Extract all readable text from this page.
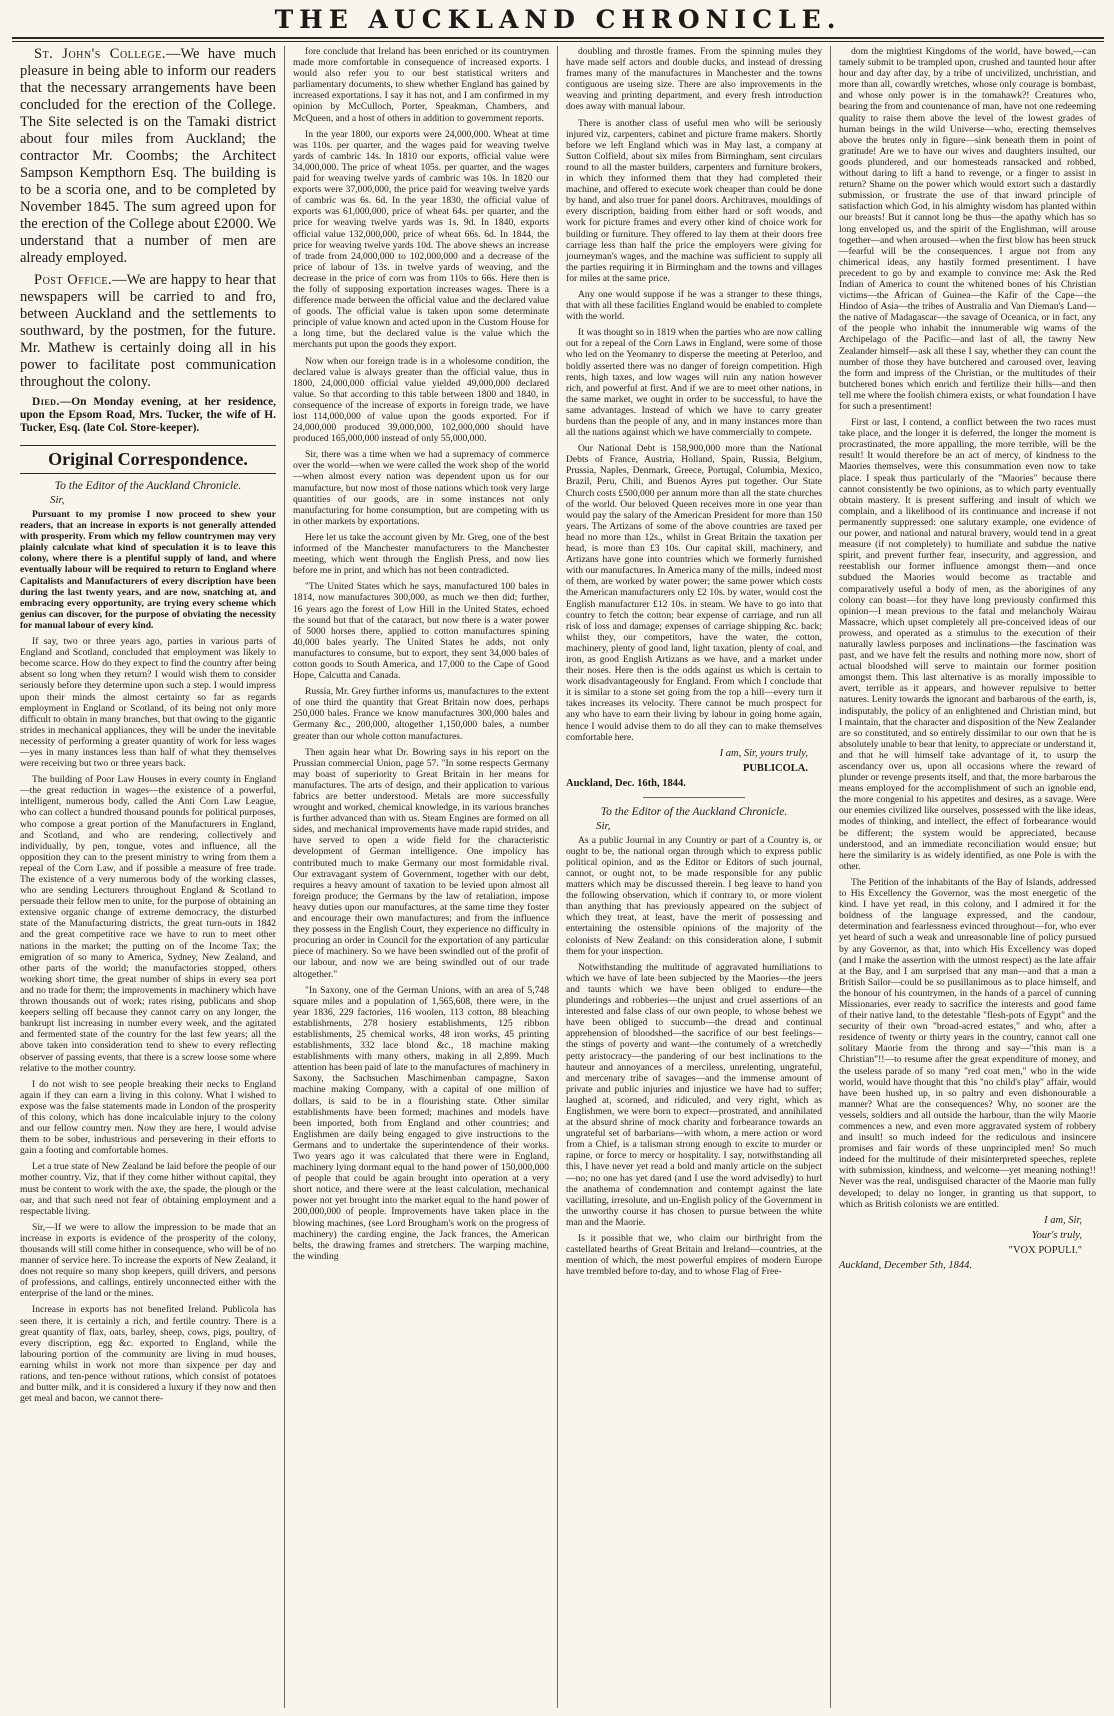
THE AUCKLAND CHRONICLE.

St. John's College.—We have much pleasure in being able to inform our readers that the necessary arrangements have been concluded for the erection of the College. The Site selected is on the Tamaki district about four miles from Auckland; the contractor Mr. Coombs; the Architect Sampson Kempthorn Esq. The building is to be a scoria one, and to be completed by November 1845. The sum agreed upon for the erection of the College about £2000. We understand that a number of men are already employed.

Post Office.—We are happy to hear that newspapers will be carried to and fro, between Auckland and the settlements to southward, by the postmen, for the future. Mr. Mathew is certainly doing all in his power to facilitate post communication throughout the colony.

Died.—On Monday evening, at her residence, upon the Epsom Road, Mrs. Tucker, the wife of H. Tucker, Esq. (late Col. Store-keeper).

Original Correspondence.
To the Editor of the Auckland Chronicle.
Sir,

Pursuant to my promise I now proceed to shew your readers, that an increase in exports is not generally attended with prosperity. From which my fellow countrymen may very plainly calculate what kind of speculation it is to leave this colony, where there is a plentiful supply of land, and where eventually labour will be required to return to England where Capitalists and Manufacturers of every discription have been during the last twenty years, and are now, snatching at, and embracing every opportunity, are trying every scheme which genius can discover, for the purpose of obviating the necessity for manual labour of every kind.

If say, two or three years ago, parties in various parts of England and Scotland, concluded that employment was likely to become scarce. How do they expect to find the country after being absent so long when they return? I would wish them to consider seriously before they determine upon such a step. I would impress upon their minds the almost certainty so far as regards employment in England or Scotland, of its being not only more difficult to obtain in many branches, but that owing to the gigantic strides in mechanical appliances, they will be under the inevitable necessity of performing a greater quantity of work for less wages—yes in many instances less than half of what they themselves were receiving but two or three years back.

The building of Poor Law Houses in every county in England—the great reduction in wages—the existence of a powerful, intelligent, numerous body, called the Anti Corn Law League, who can collect a hundred thousand pounds for political purposes, who compose a great portion of the Manufacturers in England, and Scotland, and who are rendering, collectively and individually, by pen, tongue, votes and influence, all the opposition they can to the present ministry to wring from them a repeal of the Corn Law, and if possible a measure of free trade. The existence of a very numerous body of the working classes, who are sending Lecturers throughout England & Scotland to persuade their fellow men to unite, for the purpose of obtaining an extensive organic change of extreme democracy, the disturbed state of the Manufacturing districts, the great turn-outs in 1842 and the great competitive race we have to run to meet other nations in the market; the putting on of the Income Tax; the emigration of so many to America, Sydney, New Zealand, and other parts of the world; the manufactories stopped, others working short time, the great number of ships in every sea port and no trade for them; the improvements in machinery which have thrown thousands out of work; rates rising, publicans and shop keepers selling off because they cannot carry on any longer, the bankrupt list increasing in number every week, and the agitated and fermented state of the country for the last few years; all the above taken into consideration tend to shew to every reflecting observer of passing events, that there is a screw loose some where relative to the mother country.

I do not wish to see people breaking their necks to England again if they can earn a living in this colony. What I wished to expose was the false statements made in London of the prosperity of this colony, which has done incalculable injury to the colony and our fellow country men. Now they are here, I would advise them to be sober, industrious and persevering in their efforts to gain a footing and comfortable homes.

Let a true state of New Zealand be laid before the people of our mother country. Viz, that if they come hither without capital, they must be content to work with the axe, the spade, the plough or the oar, and that such need not fear of obtaining employment and a respectable living.

Sir,—If we were to allow the impression to be made that an increase in exports is evidence of the prosperity of the colony, thousands will still come hither in consequence, who will be of no manner of service here. To increase the exports of New Zealand, it does not require so many shop keepers, quill drivers, and persons of professions, and callings, entirely unconnected either with the enterprise of the land or the mines.

Increase in exports has not benefited Ireland. Publicola has seen there, it is certainly a rich, and fertile country. There is a great quantity of flax, oats, barley, sheep, cows, pigs, poultry, of every discription, egg &c. exported to England, while the labouring portion of the community are living in mud houses, earning whilst in work not more than sixpence per day and rations, and ten-pence without rations, which consist of potatoes and butter milk, and it is considered a luxury if they now and then get meal and bacon, we cannot there-

fore conclude that Ireland has been enriched or its countrymen made more comfortable in consequence of increased exports. I would also refer you to our best statistical writers and parliamentary documents, to shew whether England has gained by increased exportations. I say it has not, and I am confirmed in my opinion by McCulloch, Porter, Speakman, Chambers, and McQueen, and a host of others in addition to government reports.

In the year 1800, our exports were 24,000,000. Wheat at time was 110s. per quarter, and the wages paid for weaving twelve yards of cambric 14s. In 1810 our exports, official value were 34,000,000. The price of wheat 105s. per quarter, and the wages paid for weaving twelve yards of cambric was 10s. In 1820 our exports were 37,000,000, the price paid for weaving twelve yards of cambric was 6s. 6d. In the year 1830, the official value of exports was 61,000,000, price of wheat 64s. per quarter, and the price for weaving twelve yards was 1s. 9d. In 1840, exports official value 132,000,000, price of wheat 66s. 6d. In 1844, the price for weaving twelve yards 10d. The above shews an increase of trade from 24,000,000 to 102,000,000 and a decrease of the price of labour of 13s. in twelve yards of weaving, and the decrease in the price of corn was from 110s to 66s. Here then is the folly of supposing exportation increases wages. There is a difference made between the official value and the declared value of goods. The official value is taken upon some determinate principle of value known and acted upon in the Custom House for a long time, but the declared value is the value which the merchants put upon the goods they export.

Now when our foreign trade is in a wholesome condition, the declared value is always greater than the official value, thus in 1800, 24,000,000 official value yielded 49,000,000 declared value. So that according to this table between 1800 and 1840, in consequence of the increase of exports in foreign trade, we have lost 114,000,000 of value upon the goods exported. For if 24,000,000 produced 39,000,000, 102,000,000 should have produced 165,000,000 instead of only 55,000,000.

Sir, there was a time when we had a supremacy of commerce over the world—when we were called the work shop of the world—when almost every nation was dependent upon us for our manufacture, but now most of those nations which took very large quantities of our goods, are in some instances not only manufacturing for home consumption, but are competing with us in other markets by exportations.

Here let us take the account given by Mr. Greg, one of the best informed of the Manchester manufacturers to the Manchester meeting, which went through the English Press, and now lies before me in print, and which has not been contradicted.

"The United States which he says, manufactured 100 bales in 1814, now manufactures 300,000, as much we then did; further, 16 years ago the forest of Low Hill in the United States, echoed the sound but that of the cataract, but now there is a water power of 5000 horses there, applied to cotton manufactures spining 40,000 bales yearly. The United States he adds, not only manufactures to consume, but to export, they sent 34,000 bales of cotton goods to South America, and 17,000 to the Cape of Good Hope, Calcutta and Canada.

Russia, Mr. Grey further informs us, manufactures to the extent of one third the quantity that Great Britain now does, perhaps 250,000 bales. France we know manufactures 300,000 bales and Germany &c., 200,000, altogether 1,150,000 bales, a number greater than our whole cotton manufactures.

Then again hear what Dr. Bowring says in his report on the Prussian commercial Union, page 57. "In some respects Germany may boast of superiority to Great Britain in her means for manufactures. The arts of design, and their application to various fabrics are better understood. Metals are more successfully wrought and worked, chemical knowledge, in its various branches is further advanced than with us. Steam Engines are formed on all sides, and mechanical improvements have made rapid strides, and have served to open a wide field for the characteristic development of German intelligence. One impolicy has contributed much to make Germany our most formidable rival. Our extravagant system of Government, together with our debt, requires a heavy amount of taxation to be levied upon almost all foreign produce; the Germans by the law of retaliation, impose heavy duties upon our manufactures, at the same time they foster and encourage their own manufactures; and from the influence they possess in the English Court, they experience no difficulty in procuring an order in Council for the exportation of any particular piece of machinery. So we have been swindled out of the profit of our labour, and now we are being swindled out of our trade altogether."

"In Saxony, one of the German Unions, with an area of 5,748 square miles and a population of 1,565,608, there were, in the year 1836, 229 factories, 116 woolen, 113 cotton, 88 bleaching establishments, 278 hosiery establishments, 125 ribbon establishments, 25 chemical works, 48 iron works, 45 printing establishments, 332 lace blond &c., 18 machine making establishments with many others, making in all 2,899. Much attention has been paid of late to the manufactures of machinery in Saxony, the Sachsuchen Maschimenban campagne, Saxon machine making Company, with a capital of one million of dollars, is said to be in a flourishing state. Other similar establishments have been formed; machines and models have been imported, both from England and other countries; and Englishmen are daily being engaged to give instructions to the Germans and to undertake the superintendence of their works. Two years ago it was calculated that there were in England, machinery lying dormant equal to the hand power of 150,000,000 of people that could be again brought into operation at a very short notice, and there were at the least calculation, mechanical power not yet brought into the market equal to the hand power of 200,000,000 of people. Improvements have taken place in the blowing machines, (see Lord Brougham's work on the progress of machinery) the carding engine, the Jack frances, the American belts, the drawing frames and stretchers. The warping machine, the winding

doubling and throstle frames. From the spinning mules they have made self actors and double ducks, and instead of dressing frames many of the manufactures in Manchester and the towns contiguous are useing size. There are also improvements in the weaving and printing department, and every fresh introduction does away with manual labour.

There is another class of useful men who will be seriously injured viz, carpenters, cabinet and picture frame makers. Shortly before we left England which was in May last, a company at Sutton Colfield, about six miles from Birmingham, sent circulars round to all the master builders, carpenters and furniture brokers, in which they informed them that they had completed their machine, and offered to execute work cheaper than could be done by hand, and also truer for panel doors. Architraves, mouldings of every discription, baiding from either hard or soft woods, and work for picture frames and every other kind of choice work for building or furniture. They offered to lay them at their doors free carriage less than half the price the employers were giving for journeyman's wages, and the machine was sufficient to supply all the parties requiring it in Birmingham and the towns and villages for miles at the same price.

Any one would suppose if he was a stranger to these things, that with all these facilities England would be enabled to complete with the world.

It was thought so in 1819 when the parties who are now calling out for a repeal of the Corn Laws in England, were some of those who led on the Yeomanry to disperse the meeting at Peterloo, and boldly asserted there was no danger of foreign competition. High rents, high taxes, and low wages will ruin any nation however rich, and powerful at first. And if we are to meet other nations, in the same market, we ought in order to be successful, to have the same advantages. Instead of which we have to carry greater burdens than the people of any, and in many instances more than all the nations against which we have commercially to compete.

Our National Debt is 158,900,000 more than the National Debts of France, Austria, Holland, Spain, Russia, Belgium, Prussia, Naples, Denmark, Greece, Portugal, Columbia, Mexico, Brazil, Peru, Chili, and Buenos Ayres put together. Our State Church costs £500,000 per annum more than all the state churches of the world. Our beloved Queen receives more in one year than would pay the salary of the American President for more than 150 years. The Artizans of some of the above countries are taxed per head no more than 12s., whilst in Great Britain the taxation per head, is more than £3 10s. Our capital skill, machinery, and Artizans have gone into countries which we formerly furnished with our manufactures. In America many of the mills, indeed most of them, are worked by water power; the same power which costs the American manufacturers only £2 10s. by water, would cost the English manufacturer £12 10s. in steam. We have to go into that country to fetch the cotton; bear expense of carriage, and run all risk of loss and damage; expenses of carriage shipping &c. back; whilst they, our competitors, have the water, the cotton, machinery, plenty of good land, light taxation, plenty of coal, and iron, as good English Artizans as we have, and a market under their noses. Here then is the odds against us which is certain to work disadvantageously for England. From which I conclude that it is similar to a stone set going from the top a hill—every turn it takes increases its velocity. There cannot be much prospect for any who have to earn their living by labour in going home again, hence I would advise them to do all they can to make themselves comfortable here.

I am, Sir, yours truly,
PUBLICOLA.
Auckland, Dec. 16th, 1844.
To the Editor of the Auckland Chronicle.
Sir,

As a public Journal in any Country or part of a Country is, or ought to be, the national organ through which to express public political opinion, and as the Editor or Editors of such journal, cannot, or ought not, to be made responsible for any public matters which may be discussed therein. I beg leave to hand you the following observation, which if contrary to, or more violent than anything that has previously appeared on the subject of which they treat, at least, have the merit of possessing and entertaining the ostensible opinions of the majority of the colonists of New Zealand: on this consideration alone, I submit them for your inspection.

Notwithstanding the multitude of aggravated humiliations to which we have of late been subjected by the Maories—the jeers and taunts which we have been obliged to endure—the plunderings and robberies—the unjust and cruel assertions of an interested and false class of our own people, to whose behest we have been obliged to succumb—the dread and continual apprehension of bloodshed—the sacrifice of our best feelings—the stings of poverty and want—the contumely of a wretchedly petty aristocracy—the pandering of our best inclinations to the hauteur and annoyances of a merciless, unrelenting, ungrateful, and mercenary tribe of savages—and the immense amount of private and public injuries and injustice we have had to suffer; laughed at, scorned, and ridiculed, and very right, which as Englishmen, we were born to expect—prostrated, and annihilated at the absurd shrine of mock charity and forbearance towards an ungrateful set of barbarians—with whom, a mere action or word from a Chief, is a talisman strong enough to excite to murder or rapine, or force to mercy or hospitality. I say, notwithstanding all this, I have never yet read a bold and manly article on the subject—no; no one has yet dared (and I use the word advisedly) to hurl the anathema of condemnation and contempt against the late vacillating, irresolute, and un-English policy of the Government in the unworthy course it has chosen to pursue between the white man and the Maorie.

Is it possible that we, who claim our birthright from the castellated hearths of Great Britain and Ireland—countries, at the mention of which, the most powerful empires of modern Europe have trembled before to-day, and to whose Flag of Free-

dom the mightiest Kingdoms of the world, have bowed,—can tamely submit to be trampled upon, crushed and taunted hour after hour and day after day, by a tribe of uncivilized, unchristian, and more than all, cowardly wretches, whose only courage is bombast, and whose only power is in the tomahawk?! Creatures who, bearing the from and countenance of man, have not one redeeming quality to raise them above the level of the lowest grades of human beings in the wild Universe—who, erecting themselves above the brutes only in figure—sink beneath them in point of gratitude! Are we to have our wives and daughters insulted, our goods plundered, and our homesteads ransacked and robbed, without daring to lift a hand to revenge, or a finger to assist in return? Shame on the power which would extort such a dastardly submission, or frustrate the use of that inward principle of satisfaction which God, in his almighty wisdom has planted within our breasts! But it cannot long be thus—the apathy which has so long enveloped us, and the spirit of the Englishman, will arouse together—and when aroused—when the first blow has been struck—fearful will be the consequences. I argue not from any chimerical ideas, any hastily formed presentiment. I have precedent to go by and example to convince me: Ask the Red Indian of America to count the whitened bones of his Christian victims—the African of Guinea—the Kafir of the Cape—the Hindoo of Asia—the tribes of Australia and Van Dieman's Land—the native of Madagascar—the savage of Oceanica, or in fact, any of the people who inhabit the innumerable wig wams of the Archipelago of the Pacific—and last of all, the tawny New Zealander himself—ask all these I say, whether they can count the number of those they have butchered and caroused over, leaving the form and impress of the Christian, or the multitudes of their butchered bones which enrich and fertilize their hills—and then tell me where the foolish chimera exists, or what foundation I have for such a presentiment!

First or last, I contend, a conflict between the two races must take place, and the longer it is deferred, the longer the moment is procrastinated, the more appalling, the more terrible, will be the result! It would therefore be an act of mercy, of kindness to the Maories themselves, were this consummation even now to take place. I speak thus particularly of the "Maories" because there cannot consistently be two opinions, as to which party eventually obtain mastery. It is present suffering and insult of which we complain, and a likelihood of its continuance and increase if not permanently suppressed: one salutary example, one evidence of our power, and national and natural bravery, would tend in a great measure (if not completely) to humiliate and subdue the native spirit, and prevent further fear, insecurity, and aggression, and reestablish our former influence amongst them—and once subdued the Maories would become as tractable and comparatively useful a body of men, as the aborigines of any colony can boast—for they have long previously confirmed this opinion—I mean previous to the fatal and melancholy Wairau Massacre, which upset completely all pre-conceived ideas of our prowess, and operated as a stimulus to the execution of their naturally lawless purposes and inclinations—the fascination was past, and we have felt the results and nothing more now, short of actual bloodshed will serve to maintain our former position amongst them. This last alternative is as morally impossible to avert, terrible as it appears, and however repulsive to better natures. Lenity towards the ignorant and barbarous of the earth, is, indisputably, the policy of an enlightened and Christian mind, but I maintain, that the character and disposition of the New Zealander are so constituted, and so entirely dissimilar to our own that he is absolutely unable to bear that lenity, to appreciate or understand it, and that he will himself take advantage of it, to usurp the ascendancy over us, upon all occasions where the reward of plunder or revenge presents itself, and that, the more barbarous the means employed for the accomplishment of such an ignoble end, the more congenial to his appetites and desires, as a savage. Were our enemies civilized like ourselves, possessed with the like ideas, modes of thinking, and intellect, the effect of forbearance would be different; the system would be appreciated, because understood, and an immediate reconciliation would ensue; but here the similarity is as widely identified, as one Pole is with the other.

The Petition of the inhabitants of the Bay of Islands, addressed to His Excellency the Governor, was the most energetic of the kind. I have yet read, in this colony, and I admired it for the boldness of the language expressed, and the candour, determination and fearlessness evinced throughout—for, who ever yet heard of such a weak and unreasonable line of policy pursued by any Governor, as that, into which His Excellency was doped (and I make the assertion with the utmost respect) as the late affair at the Bay, and I am surprised that any man—and that a man a British Sailor—could be so pusillanimous as to place himself, and the honour of his countrymen, in the hands of a parcel of cunning Missionaries, ever ready to sacrifice the interests and good fame of their native land, to the detestable "flesh-pots of Egypt" and the security of their own "broad-acred estates," and who, after a residence of twenty or thirty years in the country, cannot call one solitary Maorie from the throng and say—"this man is a Christian"!!—to resume after the great expenditure of money, and the useless parade of so many "red coat men," who in the wide world, would have thought that this "no child's play" affair, would have been hushed up, in so paltry and even dishonourable a manner? What are the consequences? Why, no sooner are the vessels, soldiers and all outside the harbour, than the wily Maorie commences a new, and even more aggravated system of robbery and insult! so much indeed for the rediculous and insincere promises and fair words of these unprincipled men! So much indeed for the multitude of their misinterpreted speeches, replete with submission, kindness, and welcome—yet meaning nothing!! Never was the real, undisguised character of the Maorie man fully developed; to delay no longer, in granting us that support, to which as British colonists we are entitled.

I am, Sir,
Your's truly,
"VOX POPULI."
Auckland, December 5th, 1844.
